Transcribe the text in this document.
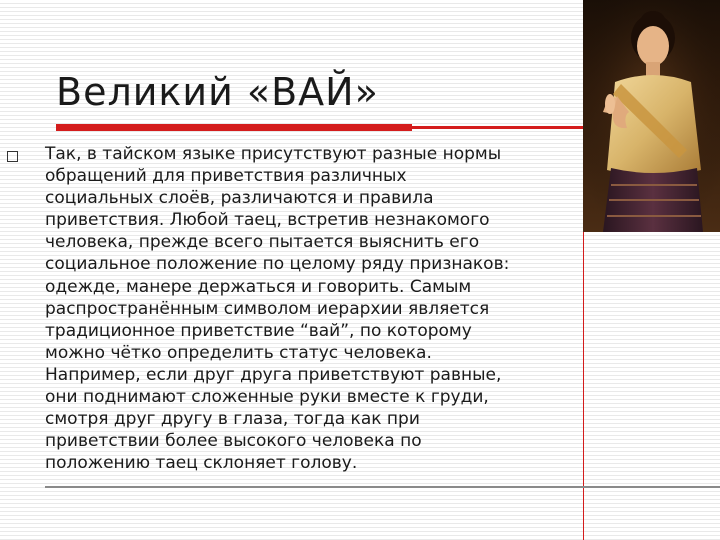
Великий «ВАЙ»

Так, в тайском языке присутствуют разные нормы
обращений для приветствия различных
социальных слоёв, различаются и правила
приветствия. Любой таец, встретив незнакомого
человека, прежде всего пытается выяснить его
социальное положение по целому ряду признаков:
одежде, манере держаться и говорить. Самым
распространённым символом иерархии является
традиционное приветствие “вай”, по которому
можно чётко определить статус человека.
Например, если друг друга приветствуют равные,
они поднимают сложенные руки вместе к груди,
смотря друг другу в глаза, тогда как при
приветствии более высокого человека по
положению таец склоняет голову.
